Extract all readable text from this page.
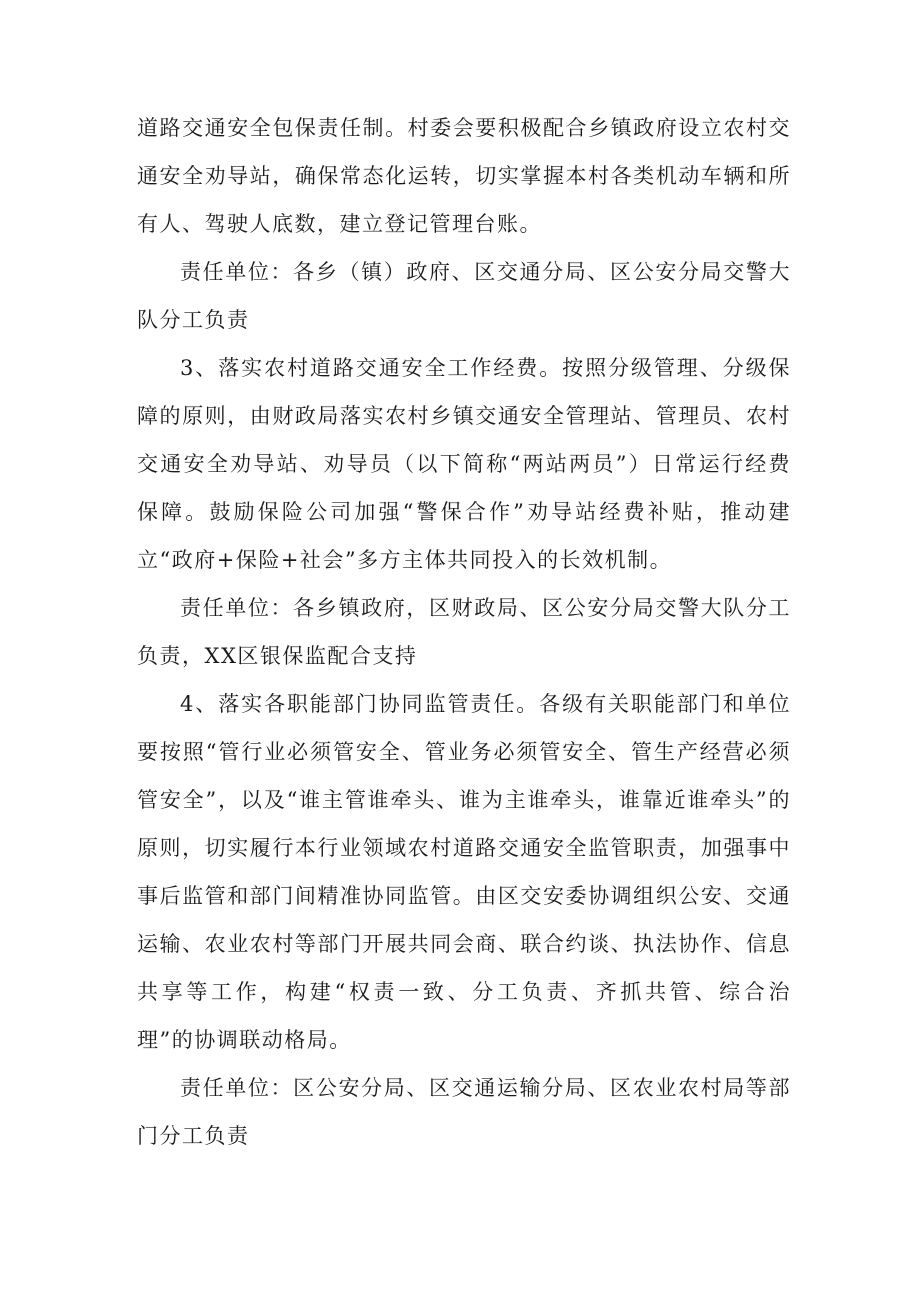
道路交通安全包保责任制。村委会要积极配合乡镇政府设立农村交通安全劝导站，确保常态化运转，切实掌握本村各类机动车辆和所有人、驾驶人底数，建立登记管理台账。

责任单位：各乡（镇）政府、区交通分局、区公安分局交警大队分工负责

3、落实农村道路交通安全工作经费。按照分级管理、分级保障的原则，由财政局落实农村乡镇交通安全管理站、管理员、农村交通安全劝导站、劝导员（以下简称“两站两员”）日常运行经费保障。鼓励保险公司加强“警保合作”劝导站经费补贴，推动建立“政府+保险+社会”多方主体共同投入的长效机制。

责任单位：各乡镇政府，区财政局、区公安分局交警大队分工负责，XX区银保监配合支持

4、落实各职能部门协同监管责任。各级有关职能部门和单位要按照“管行业必须管安全、管业务必须管安全、管生产经营必须管安全”，以及“谁主管谁牵头、谁为主谁牵头，谁靠近谁牵头”的原则，切实履行本行业领域农村道路交通安全监管职责，加强事中事后监管和部门间精准协同监管。由区交安委协调组织公安、交通运输、农业农村等部门开展共同会商、联合约谈、执法协作、信息共享等工作，构建“权责一致、分工负责、齐抓共管、综合治理”的协调联动格局。

责任单位：区公安分局、区交通运输分局、区农业农村局等部门分工负责
